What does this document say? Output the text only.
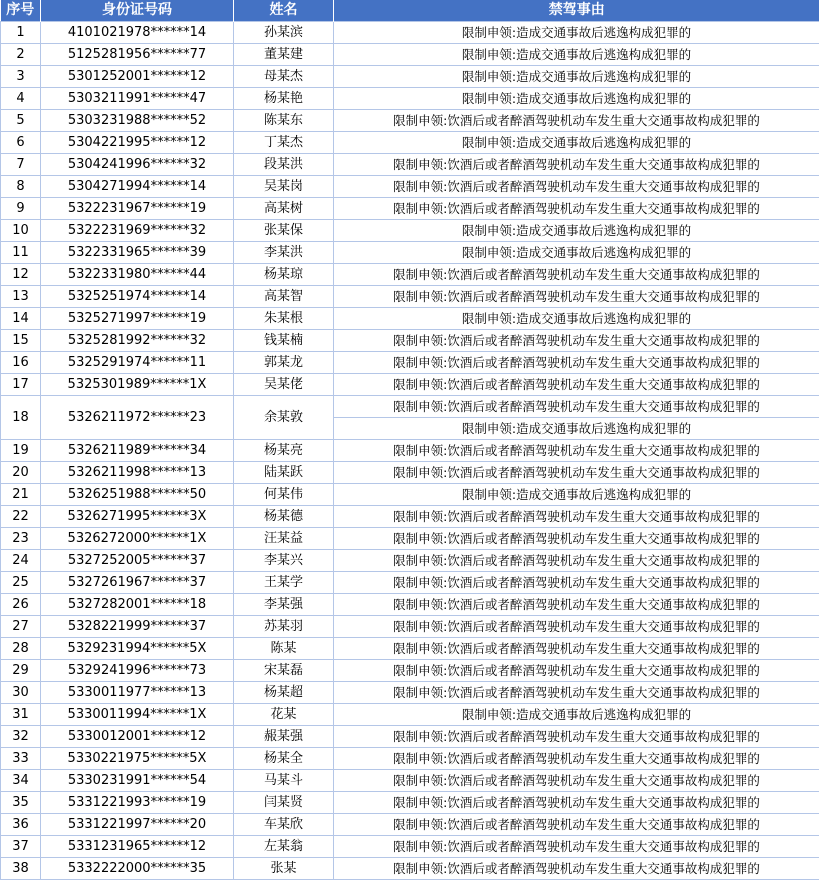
序号	身份证号码	姓名	禁驾事由
1	4101021978******14	孙某滨	限制申领:造成交通事故后逃逸构成犯罪的
2	5125281956******77	董某建	限制申领:造成交通事故后逃逸构成犯罪的
3	5301252001******12	母某杰	限制申领:造成交通事故后逃逸构成犯罪的
4	5303211991******47	杨某艳	限制申领:造成交通事故后逃逸构成犯罪的
5	5303231988******52	陈某东	限制申领:饮酒后或者醉酒驾驶机动车发生重大交通事故构成犯罪的
6	5304221995******12	丁某杰	限制申领:造成交通事故后逃逸构成犯罪的
7	5304241996******32	段某洪	限制申领:饮酒后或者醉酒驾驶机动车发生重大交通事故构成犯罪的
8	5304271994******14	吴某岗	限制申领:饮酒后或者醉酒驾驶机动车发生重大交通事故构成犯罪的
9	5322231967******19	高某树	限制申领:饮酒后或者醉酒驾驶机动车发生重大交通事故构成犯罪的
10	5322231969******32	张某保	限制申领:造成交通事故后逃逸构成犯罪的
11	5322331965******39	李某洪	限制申领:造成交通事故后逃逸构成犯罪的
12	5322331980******44	杨某琼	限制申领:饮酒后或者醉酒驾驶机动车发生重大交通事故构成犯罪的
13	5325251974******14	高某智	限制申领:饮酒后或者醉酒驾驶机动车发生重大交通事故构成犯罪的
14	5325271997******19	朱某根	限制申领:造成交通事故后逃逸构成犯罪的
15	5325281992******32	钱某楠	限制申领:饮酒后或者醉酒驾驶机动车发生重大交通事故构成犯罪的
16	5325291974******11	郭某龙	限制申领:饮酒后或者醉酒驾驶机动车发生重大交通事故构成犯罪的
17	5325301989******1X	吴某佬	限制申领:饮酒后或者醉酒驾驶机动车发生重大交通事故构成犯罪的
18	5326211972******23	余某敦	限制申领:饮酒后或者醉酒驾驶机动车发生重大交通事故构成犯罪的
			限制申领:造成交通事故后逃逸构成犯罪的
19	5326211989******34	杨某亮	限制申领:饮酒后或者醉酒驾驶机动车发生重大交通事故构成犯罪的
20	5326211998******13	陆某跃	限制申领:饮酒后或者醉酒驾驶机动车发生重大交通事故构成犯罪的
21	5326251988******50	何某伟	限制申领:造成交通事故后逃逸构成犯罪的
22	5326271995******3X	杨某德	限制申领:饮酒后或者醉酒驾驶机动车发生重大交通事故构成犯罪的
23	5326272000******1X	汪某益	限制申领:饮酒后或者醉酒驾驶机动车发生重大交通事故构成犯罪的
24	5327252005******37	李某兴	限制申领:饮酒后或者醉酒驾驶机动车发生重大交通事故构成犯罪的
25	5327261967******37	王某学	限制申领:饮酒后或者醉酒驾驶机动车发生重大交通事故构成犯罪的
26	5327282001******18	李某强	限制申领:饮酒后或者醉酒驾驶机动车发生重大交通事故构成犯罪的
27	5328221999******37	苏某羽	限制申领:饮酒后或者醉酒驾驶机动车发生重大交通事故构成犯罪的
28	5329231994******5X	陈某	限制申领:饮酒后或者醉酒驾驶机动车发生重大交通事故构成犯罪的
29	5329241996******73	宋某磊	限制申领:饮酒后或者醉酒驾驶机动车发生重大交通事故构成犯罪的
30	5330011977******13	杨某超	限制申领:饮酒后或者醉酒驾驶机动车发生重大交通事故构成犯罪的
31	5330011994******1X	花某	限制申领:造成交通事故后逃逸构成犯罪的
32	5330012001******12	赧某强	限制申领:饮酒后或者醉酒驾驶机动车发生重大交通事故构成犯罪的
33	5330221975******5X	杨某全	限制申领:饮酒后或者醉酒驾驶机动车发生重大交通事故构成犯罪的
34	5330231991******54	马某斗	限制申领:饮酒后或者醉酒驾驶机动车发生重大交通事故构成犯罪的
35	5331221993******19	闫某贤	限制申领:饮酒后或者醉酒驾驶机动车发生重大交通事故构成犯罪的
36	5331221997******20	车某欣	限制申领:饮酒后或者醉酒驾驶机动车发生重大交通事故构成犯罪的
37	5331231965******12	左某翁	限制申领:饮酒后或者醉酒驾驶机动车发生重大交通事故构成犯罪的
38	5332222000******35	张某	限制申领:饮酒后或者醉酒驾驶机动车发生重大交通事故构成犯罪的
